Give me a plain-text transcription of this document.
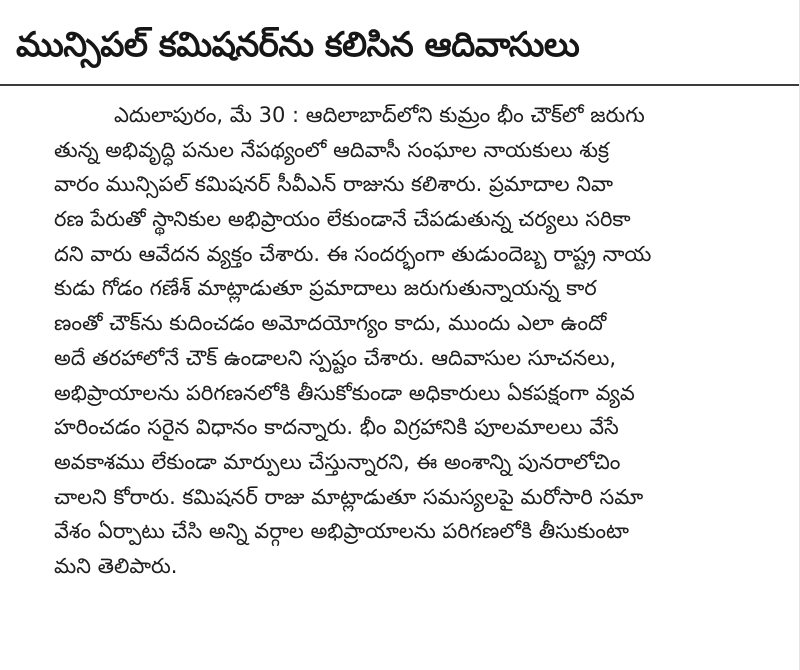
మున్సిపల్ కమిషనర్‌ను కలిసిన ఆదివాసులు
ఎదులాపురం, మే 30 : ఆదిలాబాద్‌లోని కుమ్రం భీం చౌక్‌లో జరుగు
తున్న అభివృద్ధి పనుల నేపథ్యంలో ఆదివాసీ సంఘాల నాయకులు శుక్ర
వారం మున్సిపల్ కమిషనర్ సీవీఎన్ రాజును కలిశారు. ప్రమాదాల నివా
రణ పేరుతో స్థానికుల అభిప్రాయం లేకుండానే చేపడుతున్న చర్యలు సరికా
దని వారు ఆవేదన వ్యక్తం చేశారు. ఈ సందర్భంగా తుడుందెబ్బ రాష్ట్ర నాయ
కుడు గోడం గణేశ్ మాట్లాడుతూ ప్రమాదాలు జరుగుతున్నాయన్న కార
ణంతో చౌక్‌ను కుదించడం అమోదయోగ్యం కాదు, ముందు ఎలా ఉందో
అదే తరహాలోనే చౌక్ ఉండాలని స్పష్టం చేశారు. ఆదివాసుల సూచనలు,
అభిప్రాయాలను పరిగణనలోకి తీసుకోకుండా అధికారులు ఏకపక్షంగా వ్యవ
హరించడం సరైన విధానం కాదన్నారు. భీం విగ్రహానికి పూలమాలలు వేసే
అవకాశము లేకుండా మార్పులు చేస్తున్నారని, ఈ అంశాన్ని పునరాలోచిం
చాలని కోరారు. కమిషనర్ రాజు మాట్లాడుతూ సమస్యలపై మరోసారి సమా
వేశం ఏర్పాటు చేసి అన్ని వర్గాల అభిప్రాయాలను పరిగణలోకి తీసుకుంటా
మని తెలిపారు.
